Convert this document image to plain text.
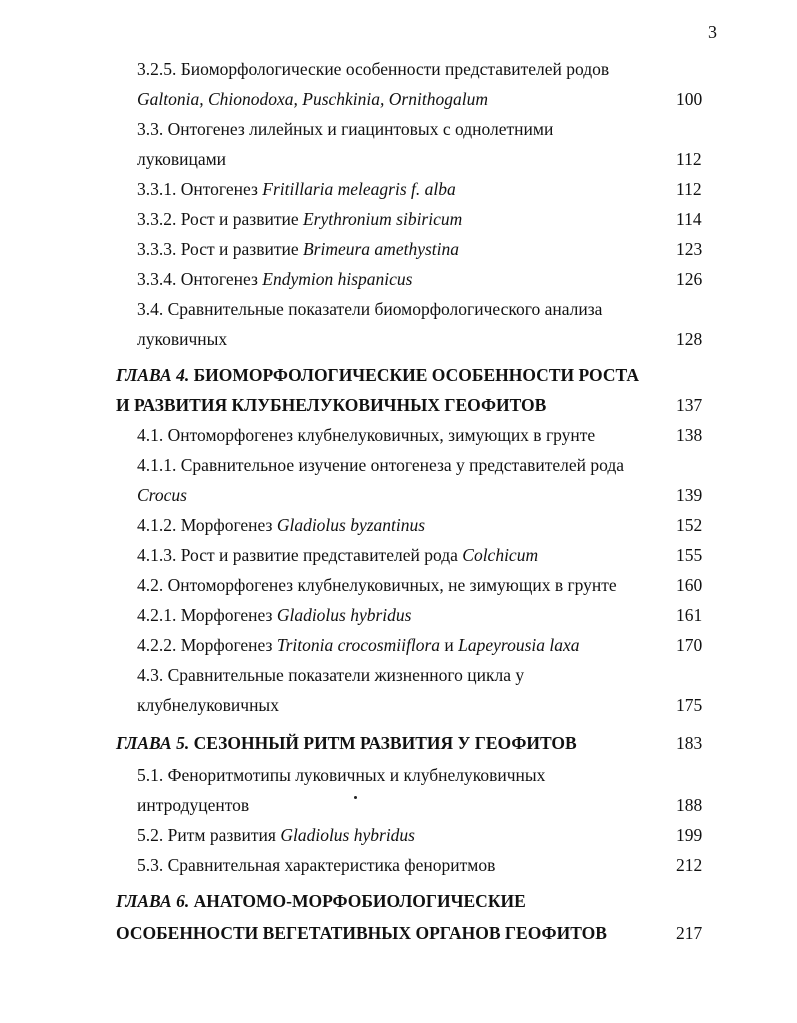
3
3.2.5. Биоморфологические особенности представителей родов
Galtonia, Chionodoxa, Puschkinia, Ornithogalum	100
3.3. Онтогенез лилейных и гиацинтовых с однолетними
луковицами	112
3.3.1. Онтогенез Fritillaria meleagris f. alba	112
3.3.2. Рост и развитие Erythronium sibiricum	114
3.3.3. Рост и развитие Brimeura amethystina	123
3.3.4. Онтогенез Endymion hispanicus	126
3.4. Сравнительные показатели биоморфологического анализа
луковичных	128
ГЛАВА 4. БИОМОРФОЛОГИЧЕСКИЕ ОСОБЕННОСТИ РОСТА
И РАЗВИТИЯ КЛУБНЕЛУКОВИЧНЫХ ГЕОФИТОВ	137
4.1. Онтоморфогенез клубнелуковичных, зимующих в грунте	138
4.1.1. Сравнительное изучение онтогенеза у представителей рода
Crocus	139
4.1.2. Морфогенез Gladiolus byzantinus	152
4.1.3. Рост и развитие представителей рода Colchicum	155
4.2. Онтоморфогенез клубнелуковичных, не зимующих в грунте	160
4.2.1. Морфогенез Gladiolus hybridus	161
4.2.2. Морфогенез Tritonia crocosmiiflora и Lapeyrousia laxa	170
4.3. Сравнительные показатели жизненного цикла у
клубнелуковичных	175
ГЛАВА 5. СЕЗОННЫЙ РИТМ РАЗВИТИЯ У ГЕОФИТОВ	183
5.1. Феноритмотипы луковичных и клубнелуковичных
интродуцентов	188
5.2. Ритм развития Gladiolus hybridus	199
5.3. Сравнительная характеристика феноритмов	212
ГЛАВА 6. АНАТОМО-МОРФОБИОЛОГИЧЕСКИЕ
ОСОБЕННОСТИ ВЕГЕТАТИВНЫХ ОРГАНОВ ГЕОФИТОВ	217
